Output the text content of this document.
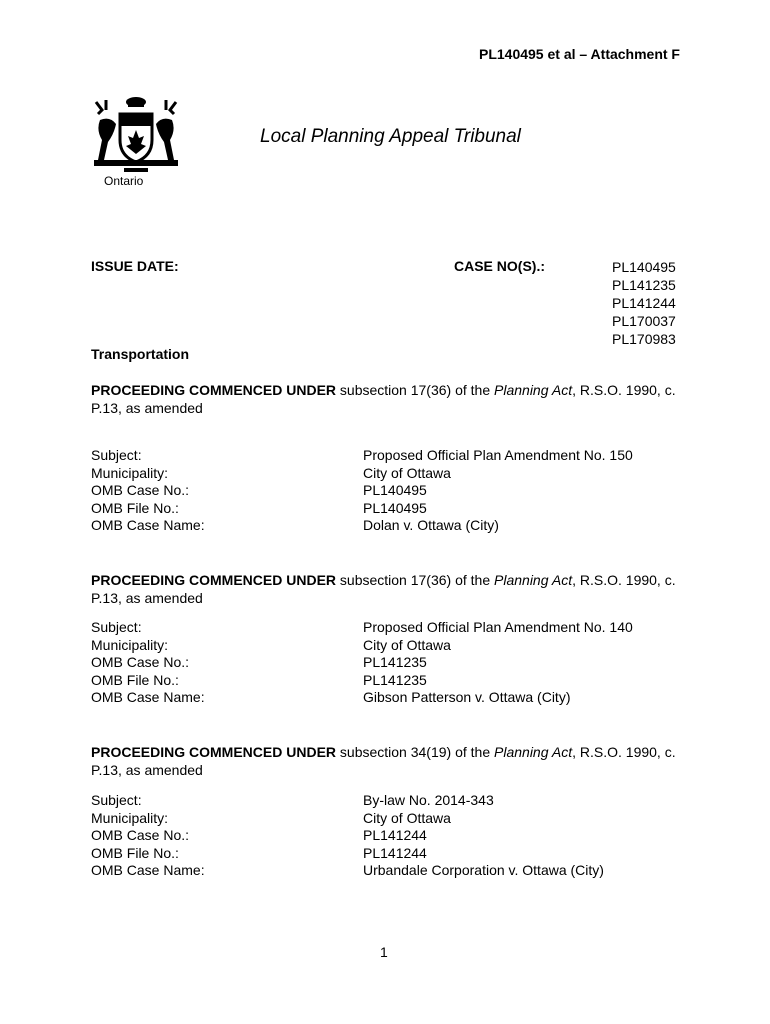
PL140495 et al – Attachment F
Ontario
Local Planning Appeal Tribunal
ISSUE DATE:	CASE NO(S).:	PL140495
PL141235
PL141244
PL170037
PL170983
Transportation
PROCEEDING COMMENCED UNDER subsection 17(36) of the Planning Act, R.S.O. 1990, c. P.13, as amended
Subject:	Proposed Official Plan Amendment No. 150
Municipality:	City of Ottawa
OMB Case No.:	PL140495
OMB File No.:	PL140495
OMB Case Name:	Dolan v. Ottawa (City)
PROCEEDING COMMENCED UNDER subsection 17(36) of the Planning Act, R.S.O. 1990, c. P.13, as amended
Subject:	Proposed Official Plan Amendment No. 140
Municipality:	City of Ottawa
OMB Case No.:	PL141235
OMB File No.:	PL141235
OMB Case Name:	Gibson Patterson v. Ottawa (City)
PROCEEDING COMMENCED UNDER subsection 34(19) of the Planning Act, R.S.O. 1990, c. P.13, as amended
Subject:	By-law No. 2014-343
Municipality:	City of Ottawa
OMB Case No.:	PL141244
OMB File No.:	PL141244
OMB Case Name:	Urbandale Corporation v. Ottawa (City)
1
